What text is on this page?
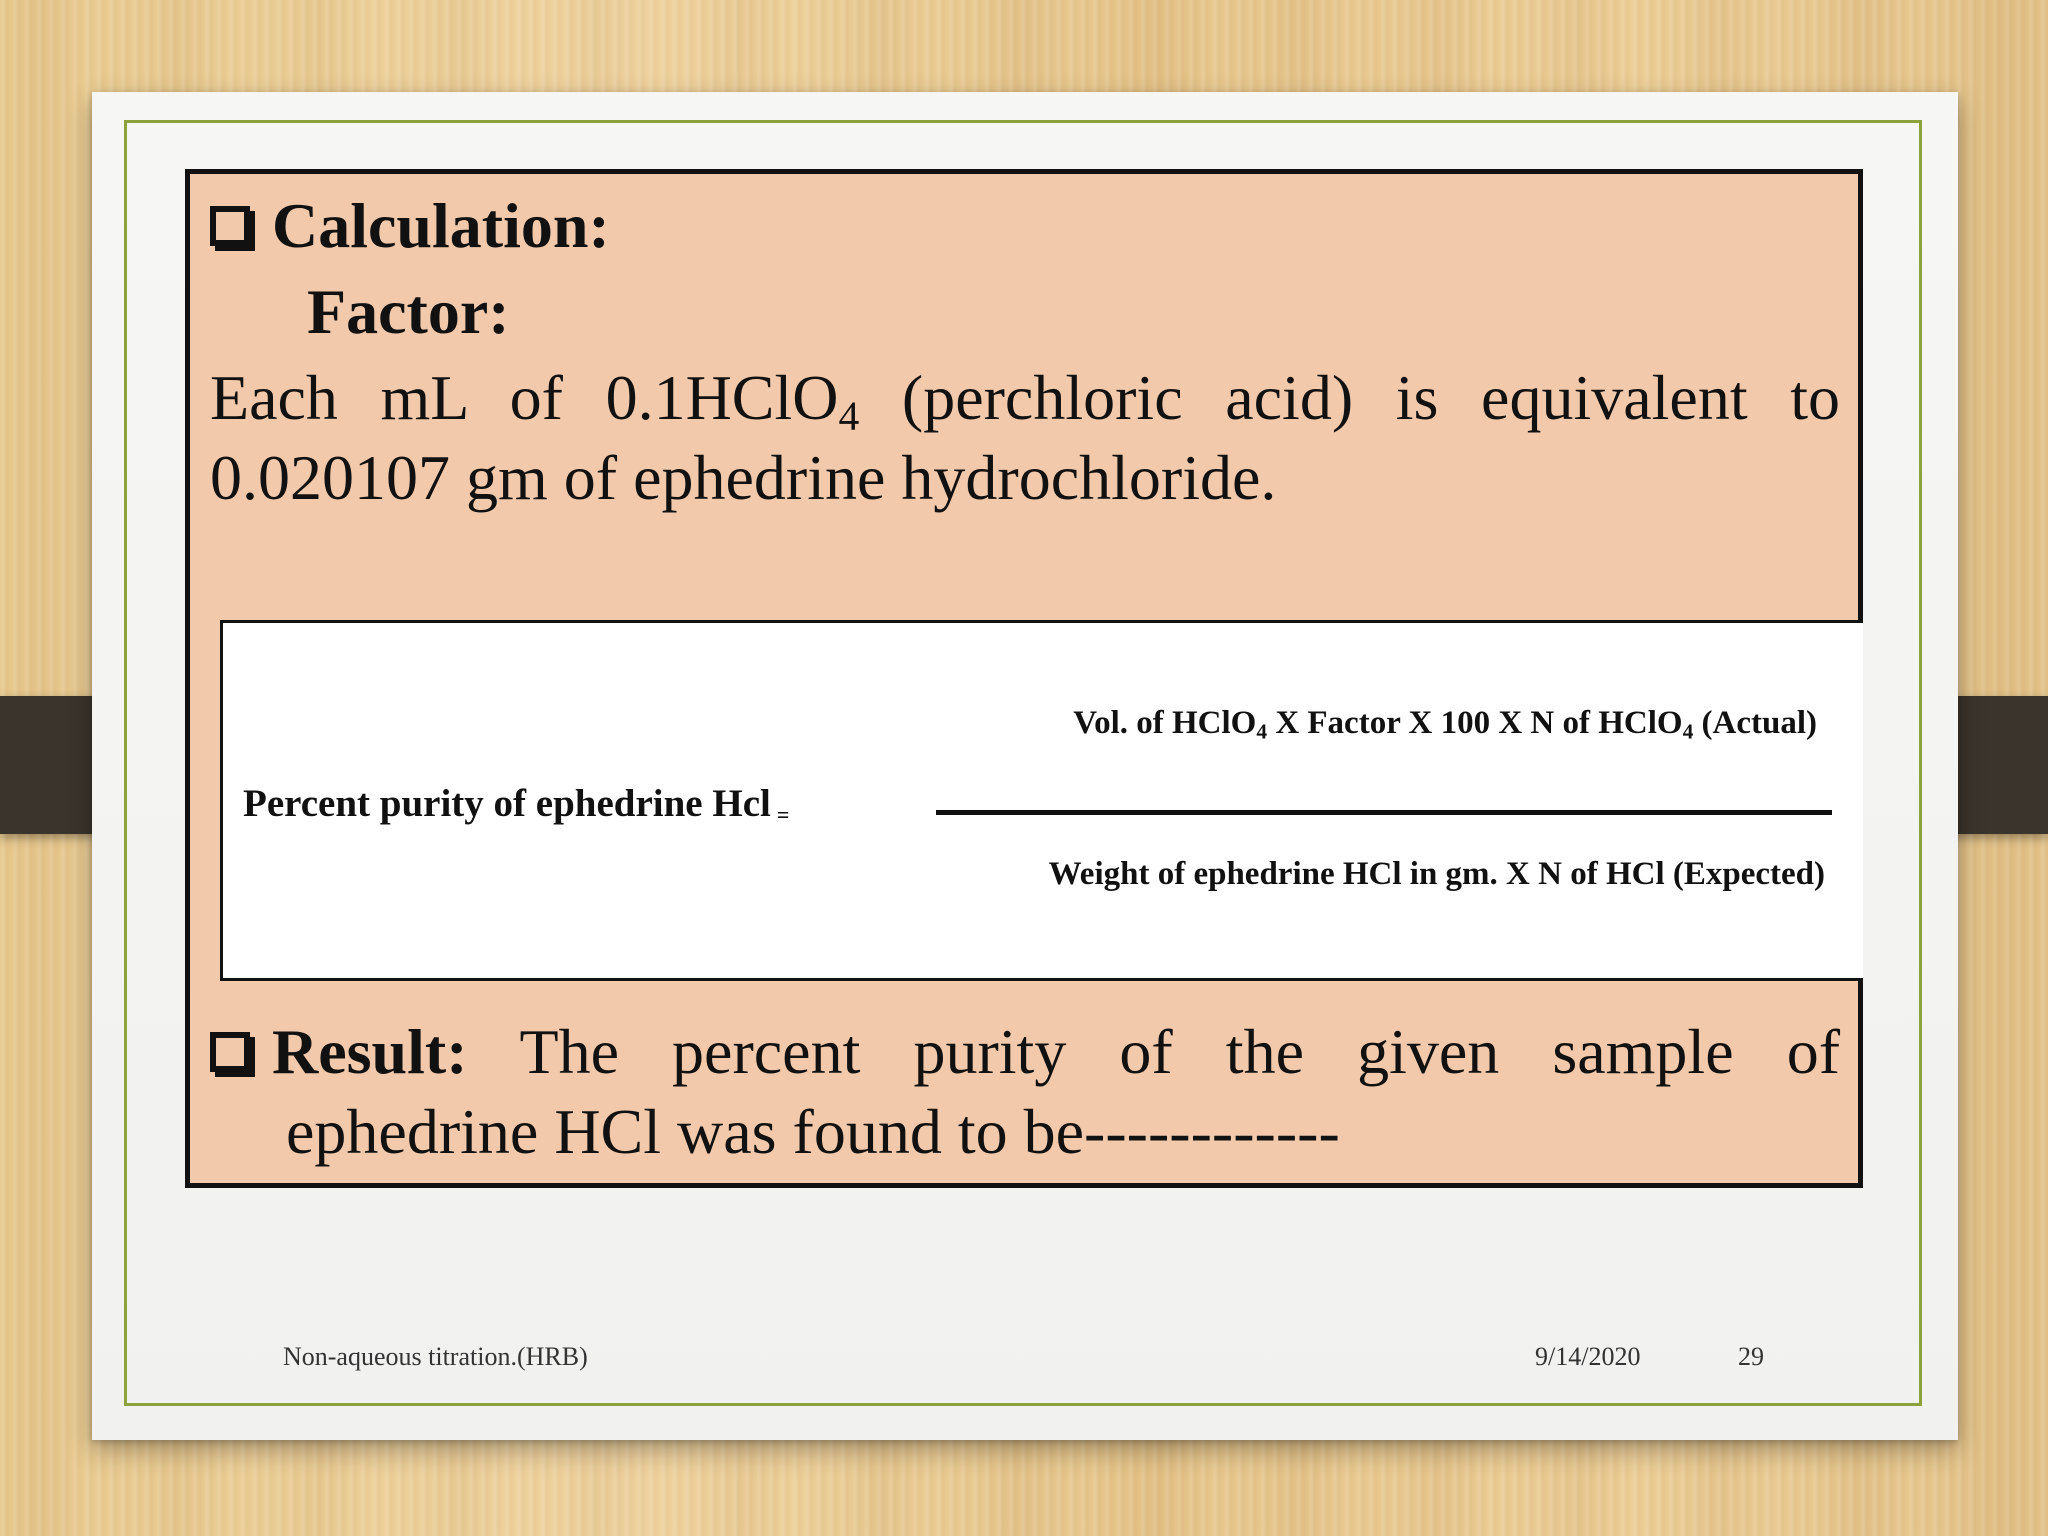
Calculation:
Factor:
Each mL of 0.1HClO$_4$ (perchloric acid) is equivalent to 0.020107 gm of ephedrine hydrochloride.
Percent purity of ephedrine Hcl =
Vol. of HClO$_4$ X Factor X 100 X N of HClO$_4$ (Actual)
Weight of ephedrine HCl in gm. X N of HCl (Expected)
Result: The percent purity of the given sample of
ephedrine HCl was found to be------------
Non-aqueous titration.(HRB)	9/14/2020	29
